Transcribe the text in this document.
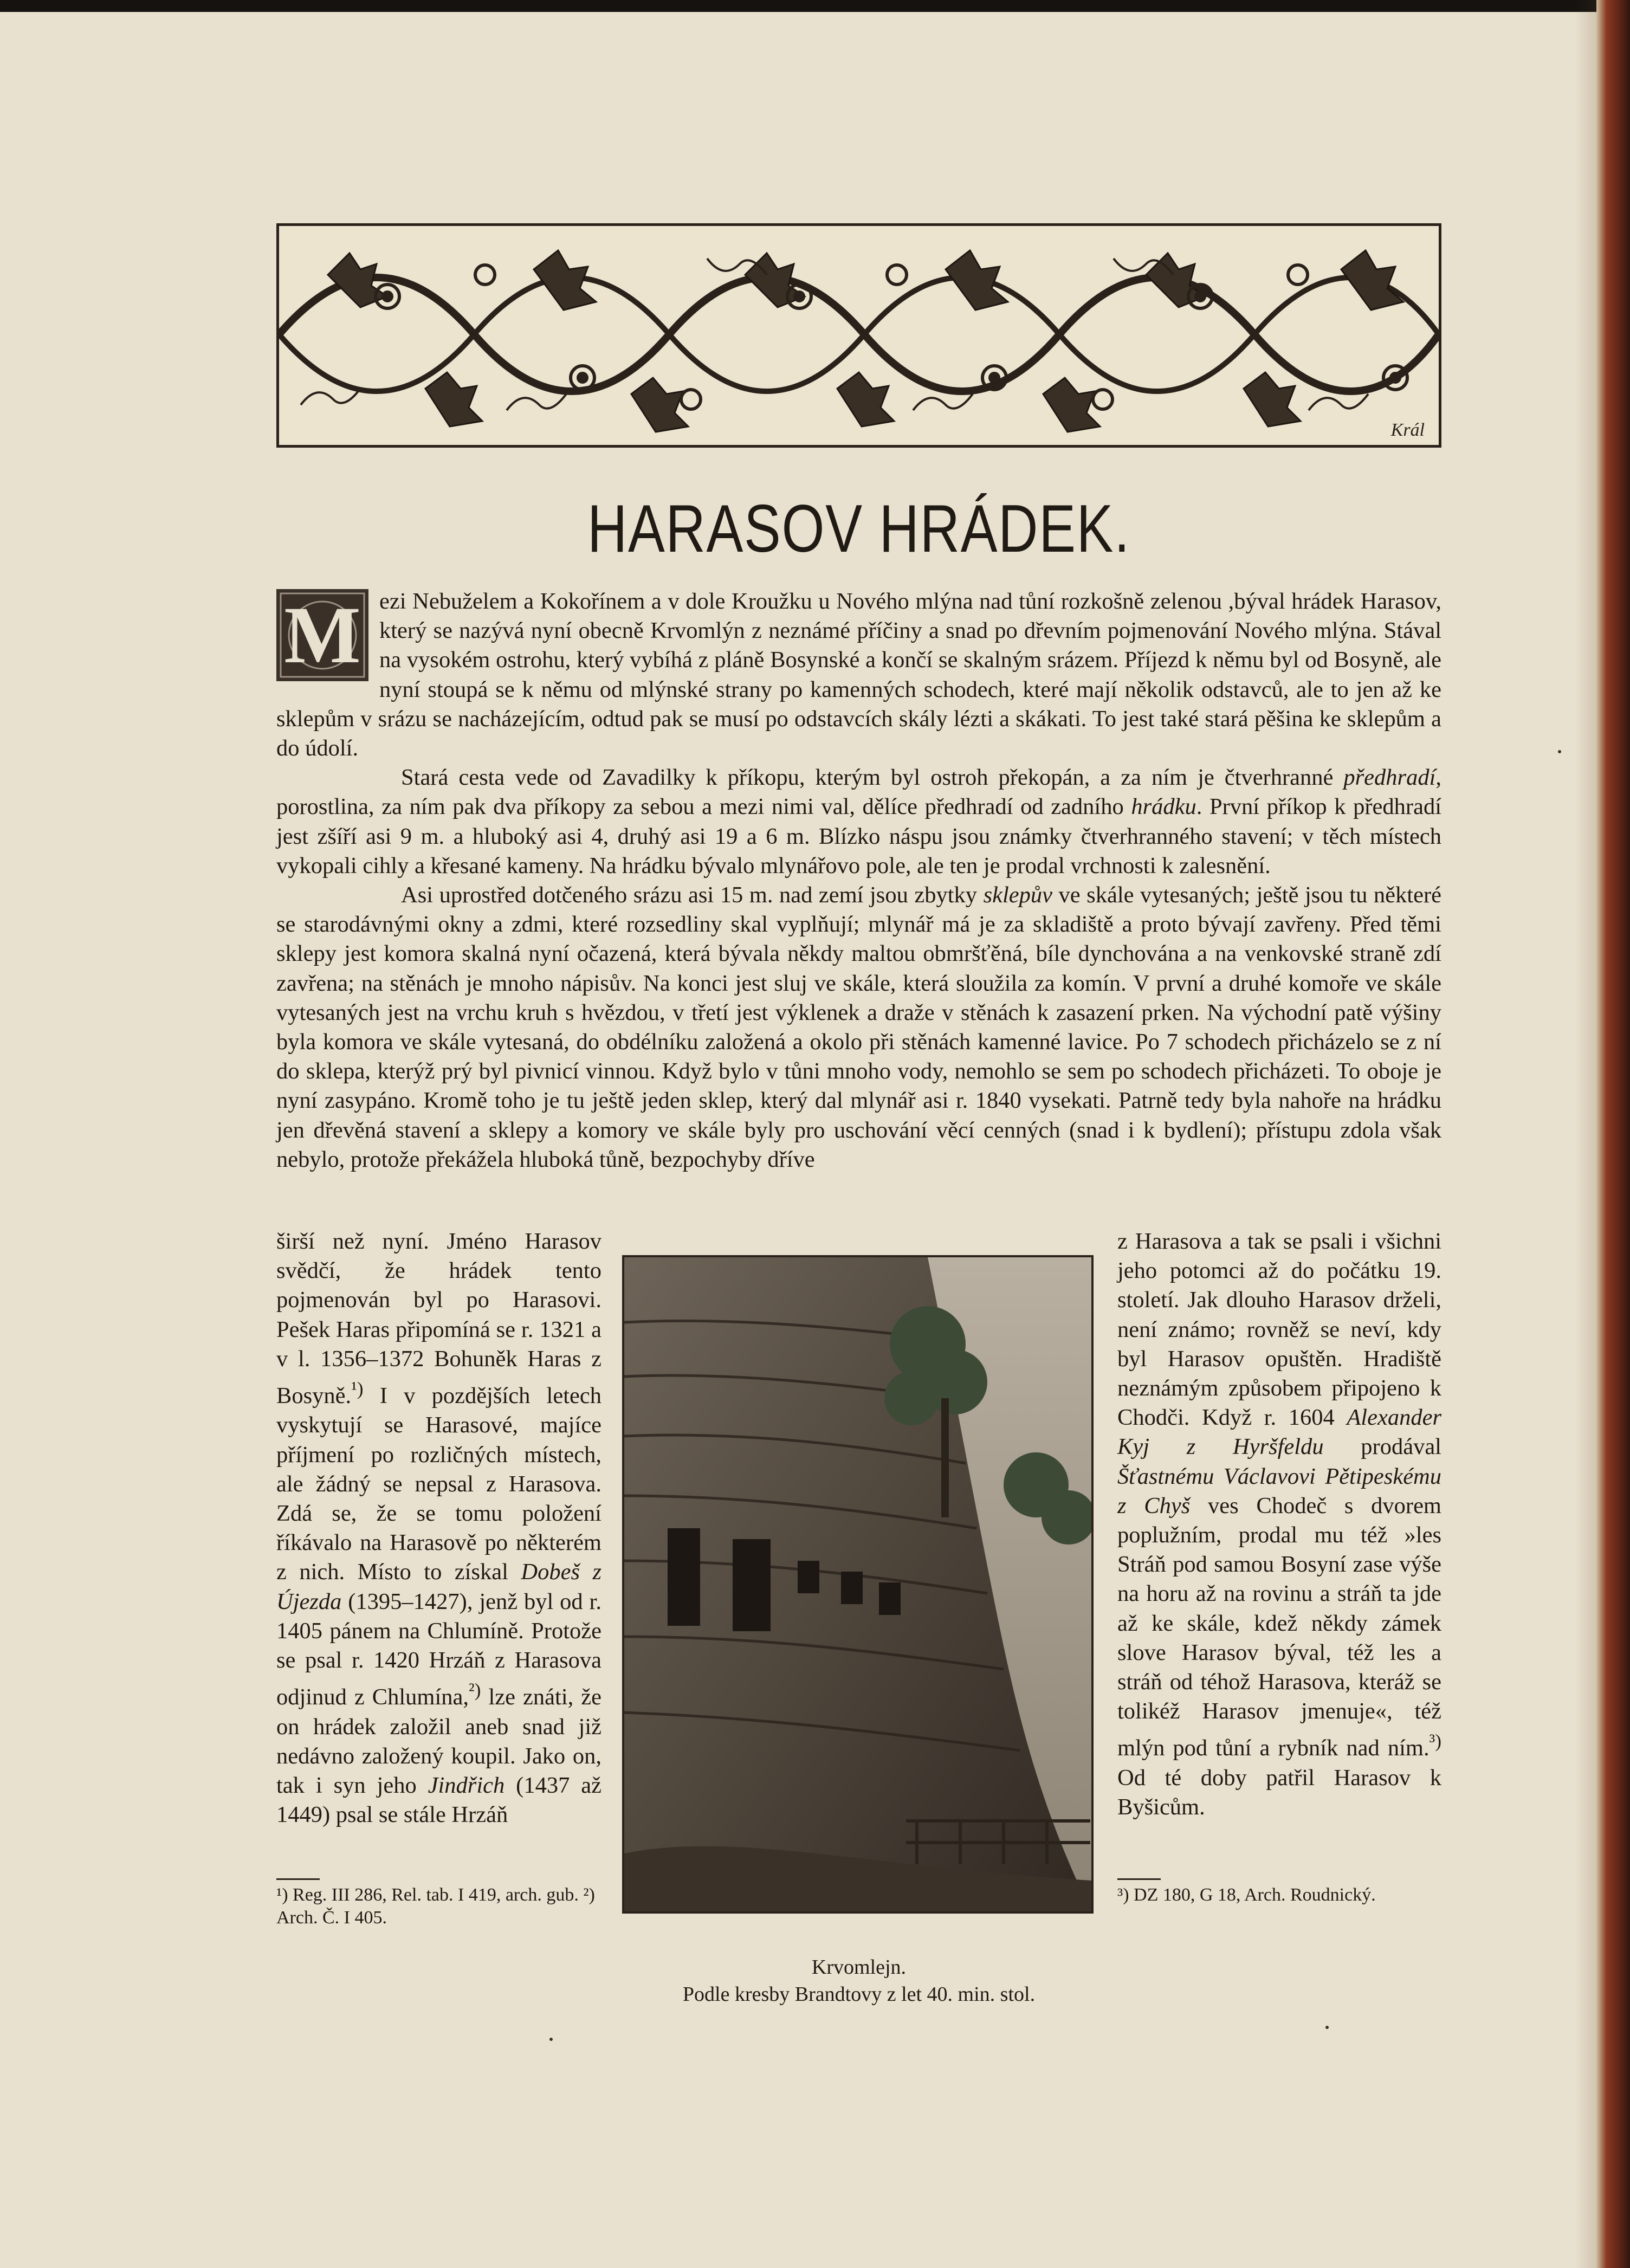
Král
HARASOV HRÁDEK.
M ezi Nebuželem a Kokořínem a v dole Kroužku u Nového mlýna nad tůní rozkošně zelenou ,býval hrádek Harasov, který se nazývá nyní obecně Krvomlýn z neznámé příčiny a snad po dřevním pojmenování Nového mlýna. Stával na vysokém ostrohu, který vybíhá z pláně Bosynské a končí se skalným srázem. Příjezd k němu byl od Bosyně, ale nyní stoupá se k němu od mlýnské strany po kamenných schodech, které mají několik odstavců, ale to jen až ke sklepům v srázu se nacházejícím, odtud pak se musí po odstavcích skály lézti a skákati. To jest také stará pěšina ke sklepům a do údolí.

Stará cesta vede od Zavadilky k příkopu, kterým byl ostroh překopán, a za ním je čtverhranné předhradí, porostlina, za ním pak dva příkopy za sebou a mezi nimi val, dělíce předhradí od zadního hrádku. První příkop k předhradí jest zšíří asi 9 m. a hluboký asi 4, druhý asi 19 a 6 m. Blízko náspu jsou známky čtverhranného stavení; v těch místech vykopali cihly a křesané kameny. Na hrádku bývalo mlynářovo pole, ale ten je prodal vrchnosti k zalesnění.

Asi uprostřed dotčeného srázu asi 15 m. nad zemí jsou zbytky sklepův ve skále vytesaných; ještě jsou tu některé se starodávnými okny a zdmi, které rozsedliny skal vyplňují; mlynář má je za skladiště a proto bývají zavřeny. Před těmi sklepy jest komora skalná nyní očazená, která bývala někdy maltou obmršťěná, bíle dynchována a na venkovské straně zdí zavřena; na stěnách je mnoho nápisův. Na konci jest sluj ve skále, která sloužila za komín. V první a druhé komoře ve skále vytesaných jest na vrchu kruh s hvězdou, v třetí jest výklenek a draže v stěnách k zasazení prken. Na východní patě výšiny byla komora ve skále vytesaná, do obdélníku založená a okolo při stěnách kamenné lavice. Po 7 schodech přicházelo se z ní do sklepa, kterýž prý byl pivnicí vinnou. Když bylo v tůni mnoho vody, nemohlo se sem po schodech přicházeti. To oboje je nyní zasypáno. Kromě toho je tu ještě jeden sklep, který dal mlynář asi r. 1840 vysekati. Patrně tedy byla nahoře na hrádku jen dřevěná stavení a sklepy a komory ve skále byly pro uschování věcí cenných (snad i k bydlení); přístupu zdola však nebylo, protože překážela hluboká tůně, bezpochyby dříve

širší než nyní. Jméno Harasov svědčí, že hrádek tento pojmenován byl po Harasovi. Pešek Haras připomíná se r. 1321 a v l. 1356–1372 Bohuněk Haras z Bosyně.$^{^1)}$ I v pozdějších letech vyskytují se Harasové, majíce příjmení po rozličných místech, ale žádný se nepsal z Harasova. Zdá se, že se tomu položení říkávalo na Harasově po některém z nich. Místo to získal Dobeš z Újezda (1395–1427), jenž byl od r. 1405 pánem na Chlumíně. Protože se psal r. 1420 Hrzáň z Harasova odjinud z Chlumína,$^{^2)}$ lze znáti, že on hrádek založil aneb snad již nedávno založený koupil. Jako on, tak i syn jeho Jindřich (1437 až 1449) psal se stále Hrzáň

z Harasova a tak se psali i všichni jeho potomci až do počátku 19. století. Jak dlouho Harasov drželi, není známo; rovněž se neví, kdy byl Harasov opuštěn. Hradiště neznámým způsobem připojeno k Chodči. Když r. 1604 Alexander Kyj z Hyršfeldu prodával Šťastnému Václavovi Pětipeskému z Chyš ves Chodeč s dvorem poplužním, prodal mu též »les Stráň pod samou Bosyní zase výše na horu až na rovinu a stráň ta jde až ke skále, kdež někdy zámek slove Harasov býval, též les a stráň od téhož Harasova, kteráž se tolikéž Harasov jmenuje«, též mlýn pod tůní a rybník nad ním.$^{^3)}$ Od té doby patřil Harasov k Byšicům.

¹) Reg. III 286, Rel. tab. I 419, arch. gub. ²) Arch. Č. I 405.
³) DZ 180, G 18, Arch. Roudnický.
Krvomlejn.
Podle kresby Brandtovy z let 40. min. stol.
